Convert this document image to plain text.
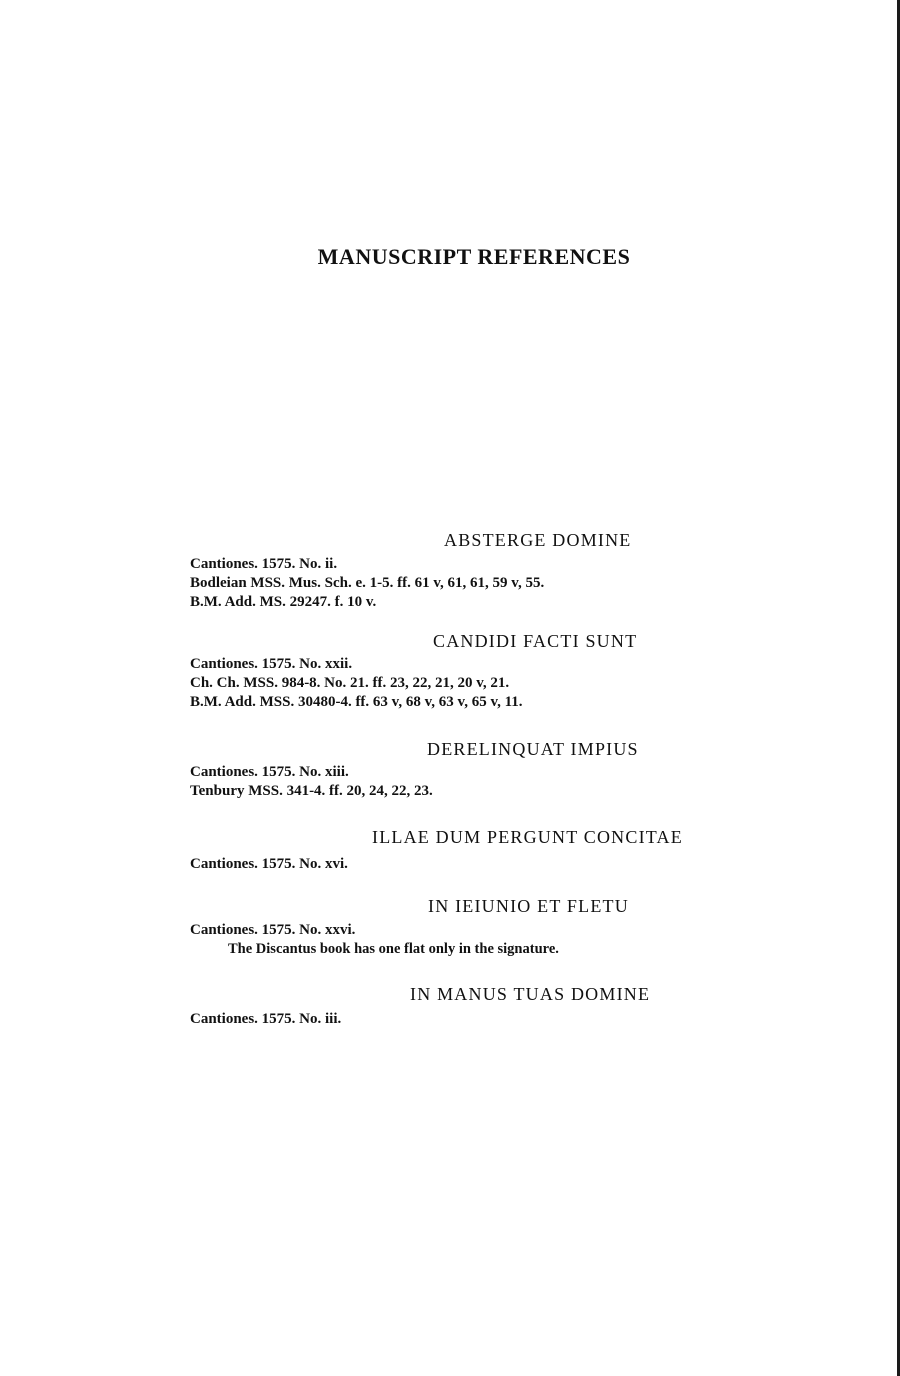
MANUSCRIPT REFERENCES
ABSTERGE DOMINE
Cantiones. 1575. No. ii.
Bodleian MSS. Mus. Sch. e. 1-5. ff. 61 v, 61, 61, 59 v, 55.
B.M. Add. MS. 29247. f. 10 v.
CANDIDI FACTI SUNT
Cantiones. 1575. No. xxii.
Ch. Ch. MSS. 984-8. No. 21. ff. 23, 22, 21, 20 v, 21.
B.M. Add. MSS. 30480-4. ff. 63 v, 68 v, 63 v, 65 v, 11.
DERELINQUAT IMPIUS
Cantiones. 1575. No. xiii.
Tenbury MSS. 341-4. ff. 20, 24, 22, 23.
ILLAE DUM PERGUNT CONCITAE
Cantiones. 1575. No. xvi.
IN IEIUNIO ET FLETU
Cantiones. 1575. No. xxvi.
The Discantus book has one flat only in the signature.
IN MANUS TUAS DOMINE
Cantiones. 1575. No. iii.
